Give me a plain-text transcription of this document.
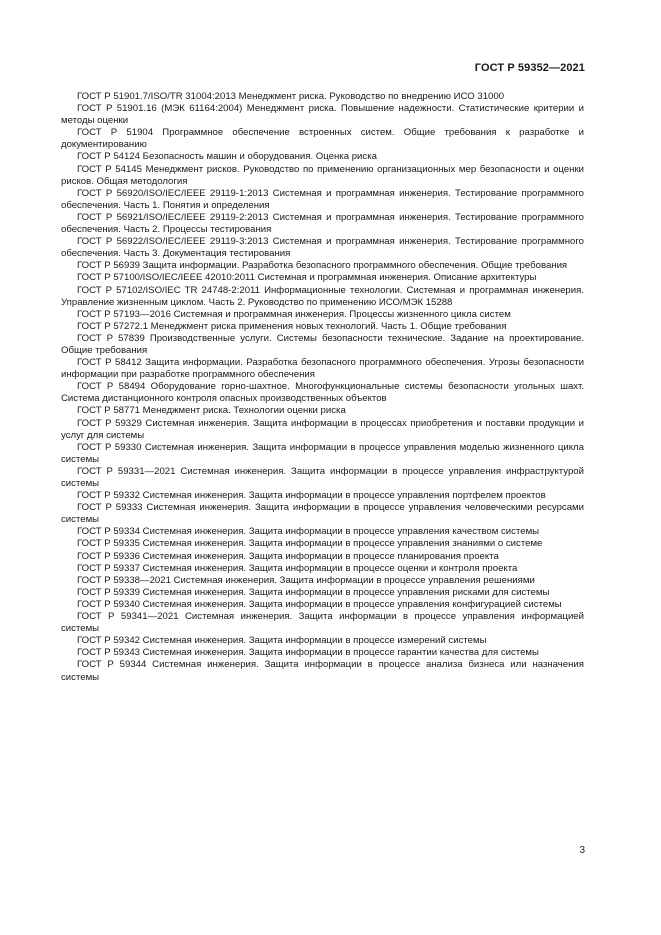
ГОСТ Р 59352—2021

ГОСТ Р 51901.7/ISO/TR 31004:2013 Менеджмент риска. Руководство по внедрению ИСО 31000

ГОСТ Р 51901.16 (МЭК 61164:2004) Менеджмент риска. Повышение надежности. Статистические критерии и методы оценки

ГОСТ Р 51904 Программное обеспечение встроенных систем. Общие требования к разработке и документированию

ГОСТ Р 54124 Безопасность машин и оборудования. Оценка риска

ГОСТ Р 54145 Менеджмент рисков. Руководство по применению организационных мер безопасности и оценки рисков. Общая методология

ГОСТ Р 56920/ISO/IEC/IEEE 29119-1:2013 Системная и программная инженерия. Тестирование программного обеспечения. Часть 1. Понятия и определения

ГОСТ Р 56921/ISO/IEC/IEEE 29119-2:2013 Системная и программная инженерия. Тестирование программного обеспечения. Часть 2. Процессы тестирования

ГОСТ Р 56922/ISO/IEC/IEEE 29119-3:2013 Системная и программная инженерия. Тестирование программного обеспечения. Часть 3. Документация тестирования

ГОСТ Р 56939 Защита информации. Разработка безопасного программного обеспечения. Общие требования

ГОСТ Р 57100/ISO/IEC/IEEE 42010:2011 Системная и программная инженерия. Описание архитектуры

ГОСТ Р 57102/ISO/IEC TR 24748-2:2011 Информационные технологии. Системная и программная инженерия. Управление жизненным циклом. Часть 2. Руководство по применению ИСО/МЭК 15288

ГОСТ Р 57193—2016 Системная и программная инженерия. Процессы жизненного цикла систем

ГОСТ Р 57272.1 Менеджмент риска применения новых технологий. Часть 1. Общие требования

ГОСТ Р 57839 Производственные услуги. Системы безопасности технические. Задание на проектирование. Общие требования

ГОСТ Р 58412 Защита информации. Разработка безопасного программного обеспечения. Угрозы безопасности информации при разработке программного обеспечения

ГОСТ Р 58494 Оборудование горно-шахтное. Многофункциональные системы безопасности угольных шахт. Система дистанционного контроля опасных производственных объектов

ГОСТ Р 58771 Менеджмент риска. Технологии оценки риска

ГОСТ Р 59329 Системная инженерия. Защита информации в процессах приобретения и поставки продукции и услуг для системы

ГОСТ Р 59330 Системная инженерия. Защита информации в процессе управления моделью жизненного цикла системы

ГОСТ Р 59331—2021 Системная инженерия. Защита информации в процессе управления инфраструктурой системы

ГОСТ Р 59332 Системная инженерия. Защита информации в процессе управления портфелем проектов

ГОСТ Р 59333 Системная инженерия. Защита информации в процессе управления человеческими ресурсами системы

ГОСТ Р 59334 Системная инженерия. Защита информации в процессе управления качеством системы

ГОСТ Р 59335 Системная инженерия. Защита информации в процессе управления знаниями о системе

ГОСТ Р 59336 Системная инженерия. Защита информации в процессе планирования проекта

ГОСТ Р 59337 Системная инженерия. Защита информации в процессе оценки и контроля проекта

ГОСТ Р 59338—2021 Системная инженерия. Защита информации в процессе управления решениями

ГОСТ Р 59339 Системная инженерия. Защита информации в процессе управления рисками для системы

ГОСТ Р 59340 Системная инженерия. Защита информации в процессе управления конфигурацией системы

ГОСТ Р 59341—2021 Системная инженерия. Защита информации в процессе управления информацией системы

ГОСТ Р 59342 Системная инженерия. Защита информации в процессе измерений системы

ГОСТ Р 59343 Системная инженерия. Защита информации в процессе гарантии качества для системы

ГОСТ Р 59344 Системная инженерия. Защита информации в процессе анализа бизнеса или назначения системы

3
